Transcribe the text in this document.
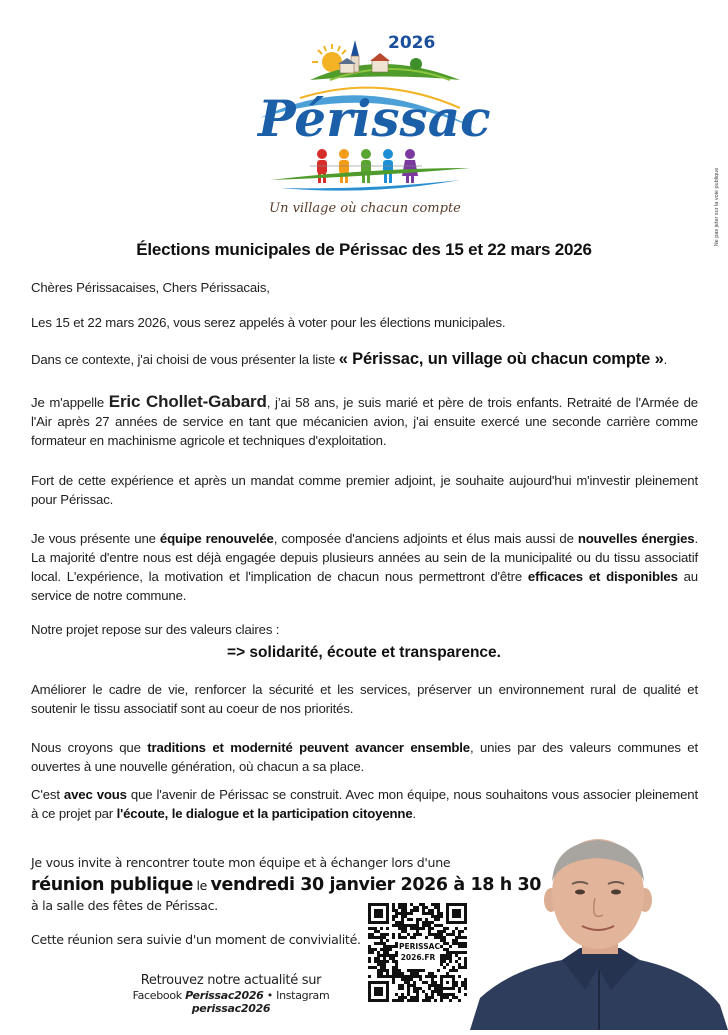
2026
Périssac
Un village où chacun compte	Ne pas jeter sur la voie publique
Élections municipales de Périssac des 15 et 22 mars 2026

Chères Périssacaises, Chers Périssacais,

Les 15 et 22 mars 2026, vous serez appelés à voter pour les élections municipales.

Dans ce contexte, j'ai choisi de vous présenter la liste « Périssac, un village où chacun compte ».

Je m'appelle Eric Chollet-Gabard, j’ai 58 ans, je suis marié et père de trois enfants. Retraité de l'Armée de l'Air après 27 années de service en tant que mécanicien avion, j'ai ensuite exercé une seconde carrière comme formateur en machinisme agricole et techniques d'exploitation.

Fort de cette expérience et après un mandat comme premier adjoint, je souhaite aujourd'hui m'investir pleinement pour Périssac.

Je vous présente une équipe renouvelée, composée d'anciens adjoints et élus mais aussi de nouvelles énergies. La majorité d'entre nous est déjà engagée depuis plusieurs années au sein de la municipalité ou du tissu associatif local. L'expérience, la motivation et l'implication de chacun nous permettront d'être efficaces et disponibles au service de notre commune.

Notre projet repose sur des valeurs claires :

=> solidarité, écoute et transparence.

Améliorer le cadre de vie, renforcer la sécurité et les services, préserver un environnement rural de qualité et soutenir le tissu associatif sont au coeur de nos priorités.

Nous croyons que traditions et modernité peuvent avancer ensemble, unies par des valeurs communes et ouvertes à une nouvelle génération, où chacun a sa place.

C'est avec vous que l'avenir de Périssac se construit. Avec mon équipe, nous souhaitons vous associer pleinement à ce projet par l'écoute, le dialogue et la participation citoyenne.

Je vous invite à rencontrer toute mon équipe et à échanger lors d'une
réunion publique le vendredi 30 janvier 2026 à 18 h 30
à la salle des fêtes de Périssac.
Cette réunion sera suivie d'un moment de convivialité.
Retrouvez notre actualité sur
Facebook Perissac2026 • Instagram perissac2026
PERISSAC
2026.FR
